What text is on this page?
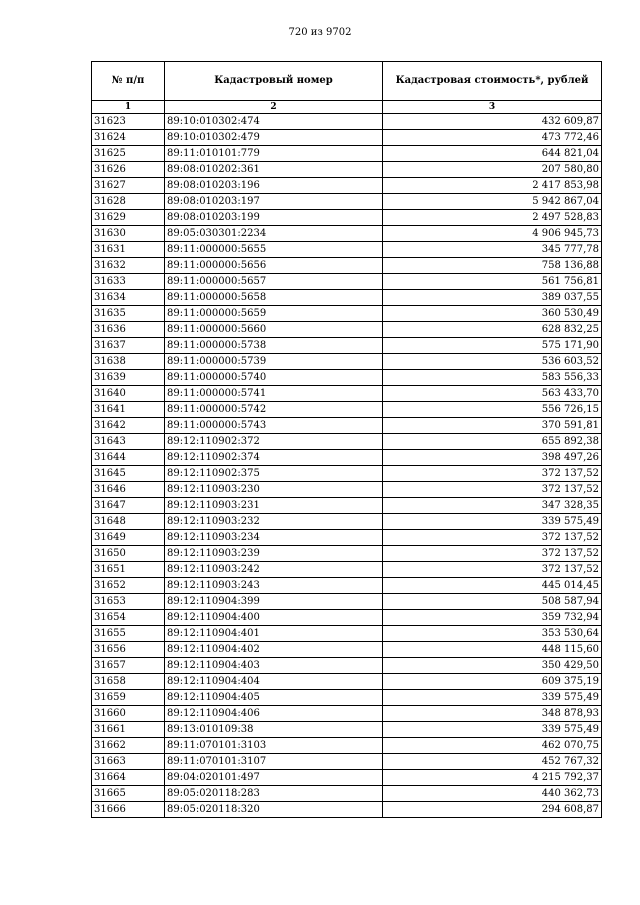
720 из 9702
№ п/п	Кадастровый номер	Кадастровая стоимость*, рублей
1	2	3
31623	89:10:010302:474	432 609,87
31624	89:10:010302:479	473 772,46
31625	89:11:010101:779	644 821,04
31626	89:08:010202:361	207 580,80
31627	89:08:010203:196	2 417 853,98
31628	89:08:010203:197	5 942 867,04
31629	89:08:010203:199	2 497 528,83
31630	89:05:030301:2234	4 906 945,73
31631	89:11:000000:5655	345 777,78
31632	89:11:000000:5656	758 136,88
31633	89:11:000000:5657	561 756,81
31634	89:11:000000:5658	389 037,55
31635	89:11:000000:5659	360 530,49
31636	89:11:000000:5660	628 832,25
31637	89:11:000000:5738	575 171,90
31638	89:11:000000:5739	536 603,52
31639	89:11:000000:5740	583 556,33
31640	89:11:000000:5741	563 433,70
31641	89:11:000000:5742	556 726,15
31642	89:11:000000:5743	370 591,81
31643	89:12:110902:372	655 892,38
31644	89:12:110902:374	398 497,26
31645	89:12:110902:375	372 137,52
31646	89:12:110903:230	372 137,52
31647	89:12:110903:231	347 328,35
31648	89:12:110903:232	339 575,49
31649	89:12:110903:234	372 137,52
31650	89:12:110903:239	372 137,52
31651	89:12:110903:242	372 137,52
31652	89:12:110903:243	445 014,45
31653	89:12:110904:399	508 587,94
31654	89:12:110904:400	359 732,94
31655	89:12:110904:401	353 530,64
31656	89:12:110904:402	448 115,60
31657	89:12:110904:403	350 429,50
31658	89:12:110904:404	609 375,19
31659	89:12:110904:405	339 575,49
31660	89:12:110904:406	348 878,93
31661	89:13:010109:38	339 575,49
31662	89:11:070101:3103	462 070,75
31663	89:11:070101:3107	452 767,32
31664	89:04:020101:497	4 215 792,37
31665	89:05:020118:283	440 362,73
31666	89:05:020118:320	294 608,87
